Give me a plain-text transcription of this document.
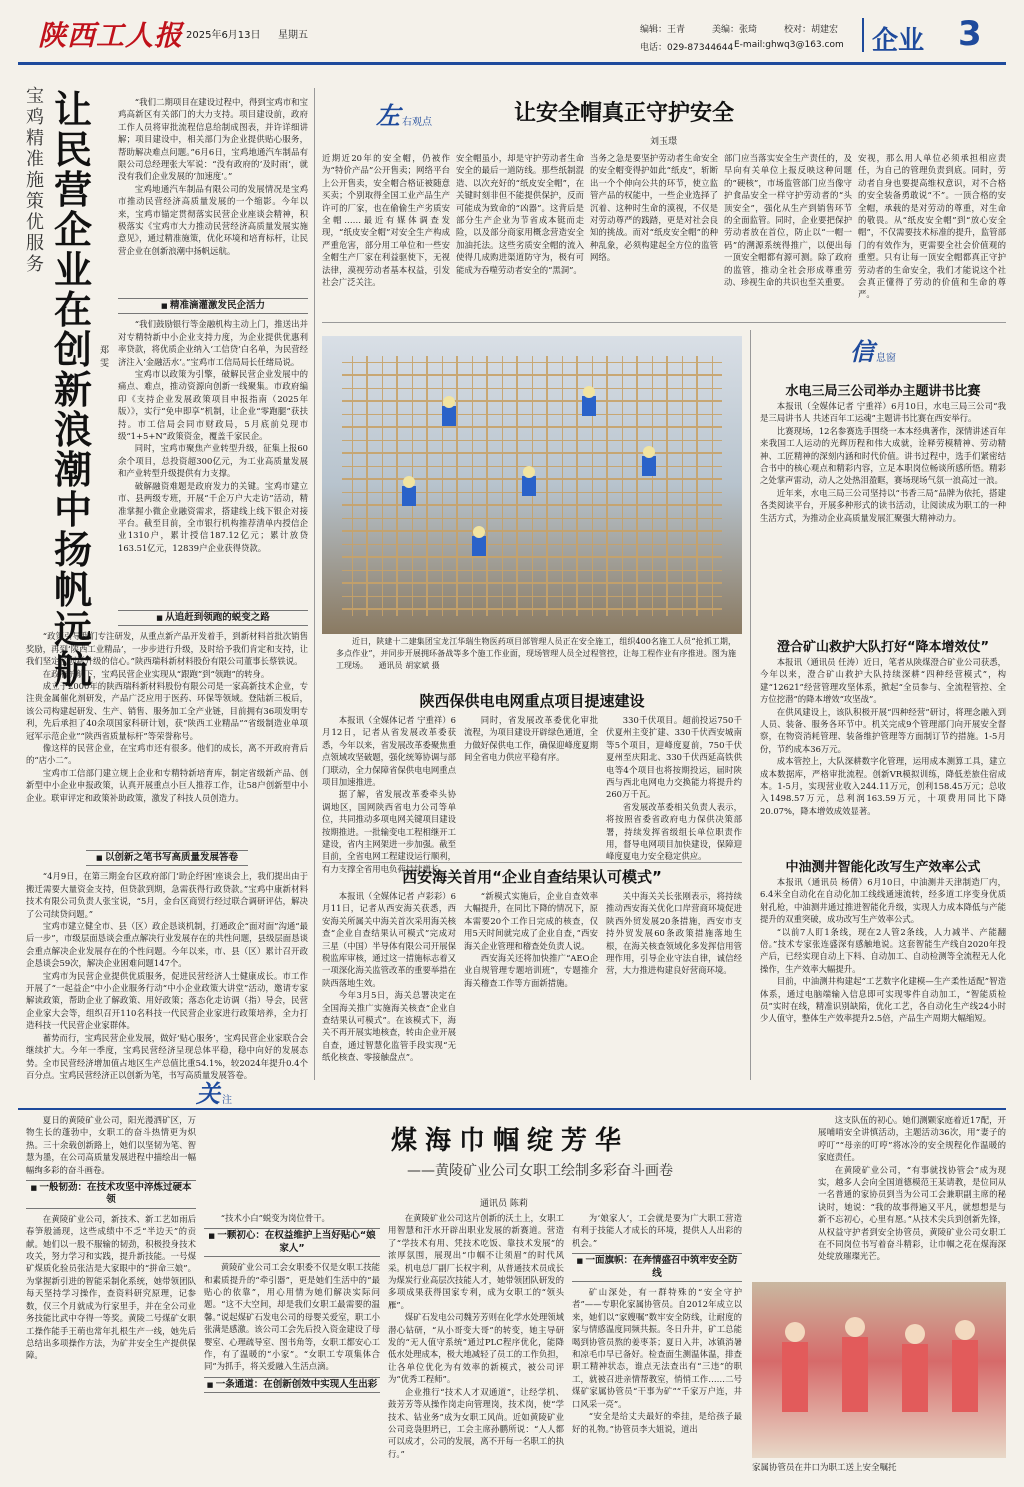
陕西工人报 2025年6月13日 星期五	编辑：王青	美编：张琦	校对：胡建宏
电话：029-87344644 E-mail:ghwq3@163.com 企业 3
宝鸡精准施策优服务
让民营企业在创新浪潮中扬帆远航
郑 雯

“我们二期项目在建设过程中，得到宝鸡市和宝鸡高新区有关部门的大力支持。项目建设前，政府工作人员将审批流程信息给制成图表，并许详细讲解；项目建设中，相关部门为企业提供贴心服务，帮助解决难点问题。”6月6日，宝鸡地通汽车制品有限公司总经理张大军说：“没有政府的‘及时雨’，就没有我们企业发展的‘加速度’。”

宝鸡地通汽车制品有限公司的发展情况是宝鸡市推动民营经济高质量发展的一个缩影。今年以来，宝鸡市锚定贯彻落实民营企业座谈会精神，积极落实《宝鸡市大力推动民营经济高质量发展实施意见》，通过精准施策，优化环境和培育标杆，让民营企业在创新浪潮中扬帆远航。

■ 精准滴灌激发民企活力

“我们鼓励银行等金融机构主动上门，推送出并对专精特新中小企业支持力度，为企业提供优惠利率贷款，将优质企业纳入‘工信贷’白名单，为民营经济注入‘金融活水’。”宝鸡市工信局局长任绪局说。

宝鸡市以政策为引擎，破解民营企业发展中的痛点、难点，推动资源向创新一线聚集。市政府编印《支持企业发展政策项目申报指南（2025年版）》，实行“免申即享”机制，让企业“零跑腿”获扶持。市工信局会同市财政局，5月底前兑现市级“1+5+N”政策资金，覆盖千家民企。

同时，宝鸡市聚焦产业转型升级，征集上报60余个项目，总投资超300亿元，为工业高质量发展和产业转型升级提供有力支撑。

破解融资难题是政府发力的关键。宝鸡市建立市、县两级专班，开展“千企万户大走访”活动，精准掌握小微企业融资需求，搭建线上线下银企对接平台。截至目前，全市银行机构推荐清单内授信企业1310户，累计授信187.12亿元；累计放贷163.51亿元，12839户企业获得贷款。

■ 从追赶到领跑的蜕变之路

“政策引导我们专注研发，从重点新产品开发着手，到新材料首批次销售奖励，再到‘陕西工业精品’，一步步进行升级，及时给予我们肯定和支持，让我们坚定了创新升级的信心。”陕西瑞科新材料股份有限公司董事长蔡铁说。

在政府护航下，宝鸡民营企业实现从“跟跑”到“领跑”的转身。

成立于2000年的陕西瑞科新材料股份有限公司是一家高新技术企业，专注贵金属催化剂研发，产品广泛应用于医药、环保等领域。登陆新三板后，该公司构建起研发、生产、销售、服务加工全产业链，目前拥有36项发明专利，先后承担了40余项国家科研计划，获“陕西工业精品”“省级制造业单项冠军示范企业”“陕西省质量标杆”等荣誉称号。

像这样的民营企业，在宝鸡市还有很多。他们的成长，离不开政府背后的“店小二”。

宝鸡市工信部门建立规上企业和专精特新培育库，制定省级新产品、创新型中小企业申报政策，认真开展重点小巨人推荐工作，让58户创新型中小企业。联审评定和政策补助政策，激发了科技人员创造力。

■ 以创新之笔书写高质量发展答卷

“4月9日，在第三期金台区政府部门‘助企纾困’座谈会上，我们提出由于搬迁需要大量资金支持，但贷款到期，急需获得行政贷款。”宝鸡中康新材料技术有限公司负责人张宝说，“5月，金台区商贸行经过联合调研评估，解决了公司续贷问题。”

宝鸡市建立健全市、县（区）政企恳谈机制，打通政企“面对面”沟通“最后一步”，市级层面恳谈会重点解决行业发展存在的共性问题，县级层面恳谈会重点解决企业发展存在的个性问题。今年以来，市、县（区）累计召开政企恳谈会59次，解决企业困难问题147个。

宝鸡市为民营企业提供优质服务，促进民营经济人士健康成长。市工作开展了“一起益企”中小企业服务行动“中小企业政策大讲堂”活动，邀请专家解读政策，帮助企业了解政策、用好政策；落态化走访调（指）导会，民营企业家大会等，组织召开110名科技一代民营企业家进行政策培养，全力打造科技一代民营企业家群体。

蓄势而行，宝鸡民营企业发展，做好‘贴心服务’，宝鸡民营企业家联合会继续扩大。今年一季度，宝鸡民营经济呈现总体平稳，稳中向好的发展态势。全市民营经济增加值占地区生产总值比重54.1%，较2024年提升0.4个百分点。宝鸡民营经济正以创新为笔，书写高质量发展答卷。

左 右观点	让安全帽真正守护安全
刘玉璟
近期近20年的安全帽，仍被作为“特价产品”公开售卖；网络平台上公开售卖，安全帽合格证被随意买卖；个别取得全国工业产品生产许可的厂家，也在偷偷生产劣质安全帽……最近有媒体调查发现，“纸皮安全帽”对安全生产构成严重危害，部分用工单位和一些安全帽生产厂家在利益驱使下，无视法律，漠视劳动者基本权益，引发社会广泛关注。
安全帽虽小，却是守护劳动者生命安全的最后一道防线。那些纸制混造、以次充好的“纸皮安全帽”，在关键时刻非但不能提供保护，反而可能成为致命的“凶器”。这背后是部分生产企业为节省成本铤而走险，以及部分商家用概念营造安全加油托法。这些劣质安全帽的流入使得几成购进渠道防守为，极有可能成为吞噬劳动者安全的“黑洞”。
当务之急是要坚护劳动者生命安全的安全帽变得护如此“纸皮”，斩断出一个个伸向公共的环节，使立监管产品的权能中，一些企业选择了沉着、这种时生命的漠视，不仅是对劳动尊严的践踏，更是对社会良知的挑战。而对“纸皮安全帽”的种种乱象，必须构建起全方位的监管网络。
部门应当落实安全生产责任的，及早向有关单位上报反映这种问题的“硬核”，市场监管部门应当像守护食品安全一样守护劳动者的“头顶安全”，强化从生产到销售环节的全面监管。同时，企业要把保护劳动者放在首位，防止以“一帽一码”的溯源系统得推广，以便出每一顶安全帽都有源可测。除了政府的监管，推动全社会形成尊重劳动、珍视生命的共识也至关重要。
安视，那么用人单位必须承担相应责任，为自己的管理负责到底。同时，劳动者自身也要提高维权意识，对不合格的安全装备勇敢说“不”。一顶合格的安全帽，承载的是对劳动的尊重，对生命的敬畏。从“纸皮安全帽”到“放心安全帽”，不仅需要技术标准的提升，监管部门的有效作为，更需要全社会价值观的重塑。只有让每一顶安全帽都真正守护劳动者的生命安全，我们才能说这个社会真正懂得了劳动的价值和生命的尊严。

近日，陕建十二建集团宝龙江华瑞生物医药项目部管理人员正在安全施工，组织400名施工人员“抢抓工期，多点作业”，并同步开展拥环备战等多个施工作业面，现场管理人员全过程管控，让每工程作业有序推进。图为施工现场。 通讯员 胡家斌 摄

陕西保供电电网重点项目提速建设

本报讯（全媒体记者 宁重祥）6月12日，记者从省发展改革委获悉，今年以来，省发展改革委聚焦重点领域攻坚破题，强化统筹协调与部门联动，全力保障省保供电电网重点项目加速推进。

据了解，省发展改革委牵头协调地区，国网陕西省电力公司等单位，共同推动多项电网关键项目建设按期推进。一批输变电工程相继开工建设，省内主网架进一步加强。截至目前，全省电网工程建设运行顺利，有力支撑全省用电负荷持续增长。

同时，省发展改革委优化审批流程，为项目建设开辟绿色通道，全力做好保供电工作，确保迎峰度夏期间全省电力供应平稳有序。

330千伏项目。超前投运750千伏夏州主变扩建、330千伏西安城南等5个项目，迎峰度夏前，750千伏夏州至庆阳北、330千伏西延高铁供电等4个项目也将按期投运，届时陕西与西北电网电力交换能力将提升约260万千瓦。

省发展改革委相关负责人表示，将按照省委省政府电力保供决策部署，持续发挥省级组长单位职责作用，督导电网项目加快建设，保障迎峰度夏电力安全稳定供应。

西安海关首用“企业自查结果认可模式”

本报讯（全媒体记者 卢彩彩）6月11日，记者从西安海关获悉，西安海关所属关中海关首次采用海关核查“企业自查结果认可模式”完成对三星（中国）半导体有限公司开展保税监库审核，通过这一措施标志着又一项深化海关监管改革的重要举措在陕西落地生效。

今年3月5日，海关总署决定在全国海关推广实施海关核查“企业自查结果认可模式”。在该模式下，海关不再开展实地核查，转由企业开展自查，通过智慧化监管手段实现“无纸化核查、零接触盘点”。

“新模式实施后，企业自查效率大幅提升，在同比下降的情况下，原本需要20个工作日完成的核查，仅用5天时间就完成了企业自查，”西安海关企业管理和稽查处负责人说。

西安海关还将加快推广“AEO企业自规管理专题培训班”，专题推介海关稽查工作等方面新措施。

关中海关关长张刚表示，将持续推动西安海关优化口岸营商环境促进陕西外贸发展20条措施，西安市支持外贸发展60条政策措施落地生根，在海关核查领域化多发挥信用管理作用，引导企业守法自律，诚信经营，大力推进构建良好营商环境。

信 息窗
水电三局三公司举办主题讲书比赛

本报讯（全媒体记者 宁重祥）6月10日，水电三局三公司“我是三局讲书人 共述百年工运魂”主题讲书比赛在西安举行。

比赛现场，12名参赛选手围绕一本本经典著作，深情讲述百年来我国工人运动的光辉历程和伟大成就，诠释劳模精神、劳动精神、工匠精神的深刻内涵和时代价值。讲书过程中，选手们紧密结合书中的核心观点和精彩内容，立足本职岗位畅谈所感所悟。精彩之处掌声雷动，动人之处热泪盈眶，赛场现场气氛一浪高过一浪。

近年来，水电三局三公司坚持以“书香三局”品牌为依托，搭建各类阅读平台，开展多种形式的读书活动，让阅读成为职工的一种生活方式，为推动企业高质量发展汇聚强大精神动力。

澄合矿山救护大队打好“降本增效仗”

本报讯（通讯员 任涛）近日，笔者从陕煤澄合矿业公司获悉，今年以来，澄合矿山救护大队持续深耕“四种经营模式”，构建“12621”经营管理攻坚体系，掀起“全员参与、全流程管控、全方位挖潜”的降本增效“攻坚战”。

在供风建设上，该队积极开展“四种经营”研讨，将理念融入到人员、装备、服务各环节中。机关完成9个管理部门向开展安全督察，在物资消耗管理、装备维护管理等方面制订节约措施。1-5月份，节约成本36万元。

成本管控上，大队深耕数字化管理，运用成本测算工具，建立成本数据库，严格审批流程。创新VR模拟训练，降低差旅住宿成本。1-5月，实现营业收入244.11万元，创利158.45万元；总收入1498.57万元，总利润163.59万元，十项费用同比下降20.07%，降本增效成效显著。

中油测井智能化改写生产效率公式

本报讯（通讯员 杨倩）6月10日，中油测井天津制造厂内，6.4米全自动化在自动化加工线线通速流转，经多道工序变身优质射孔枪，中油测井通过推进智能化升级，实现人力成本降低与产能提升的双重突破，成功改写生产效率公式。

“以前7人盯1条线，现在2人管2条线，人力减半、产能翻倍。”技术专家张连盛深有感触地说。这套智能生产线自2020年投产后，已经实现自动上下料、自动加工、自动检测等全流程无人化操作，生产效率大幅提升。

目前，中油测井构建起“工艺数字化建模—生产柔性适配”智造体系，通过电脑端输入信息即可实现零件自动加工，“智能质检员”实时在线，精准识别缺陷，优化工艺，各自动化生产线24小时少人值守，整体生产效率提升2.5倍，产品生产周期大幅缩短。

关 注
煤海巾帼绽芳华
——黄陵矿业公司女职工绘制多彩奋斗画卷
通讯员 陈莉

夏日的黄陵矿业公司，阳光漫洒矿区，万物生长的蓬勃中，女职工的奋斗热情更为炽热。三十余载创新路上，她们以坚韧为笔、智慧为墨，在公司高质量发展进程中描绘出一幅幅绚多彩的奋斗画卷。

■ 一般韧劲：在技术攻坚中淬炼过硬本领

在黄陵矿业公司，新技术、新工艺如雨后春笋般涌现，这些成绩中不乏“半边天”的贡献。她们以一股不服输的韧劲，积极投身技术攻关，努力学习和实践，提升新技能。一号煤矿煤质化验员张洁是大家眼中的“拼命三娘”。为掌握新引进的智能采制化系统，她带领团队每天坚持学习操作，查资料研究原理，记参数，仅三个月就成为行家里手，并在全公司业务技能比武中夺得一等奖。黄陵二号煤矿女职工操作能手王萌也常年扎根生产一线，她先后总结出多项操作方法，为矿井安全生产提供保障。

“技术小白”蜕变为岗位骨干。

■ 一颗初心：在权益维护上当好贴心“娘家人”

黄陵矿业公司工会女职委不仅是女职工技能和素质提升的“牵引器”，更是她们生活中的“最贴心的依靠”，用心用情为她们解决实际问题。“这不大空间，却是我们女职工最需要的温馨。”说起煤矿石发电公司的母婴关爱室，职工小张满是感激。该公司工会先后投入资金建设了母婴室、心理疏导室、图书角等，女职工都安心工作，有了温暖的“小家”。“女职工专项集体合同”为抓手，将关爱融入生活点滴。

■ 一条通道：在创新创效中实现人生出彩

在黄陵矿业公司这片创新的沃土上，女职工用智慧和汗水开辟出职业发展的新赛道。营造了“学技术有用、凭技术吃饭、靠技术发展”的浓厚氛围，展现出“巾帼不让须眉”的时代风采。机电总厂副厂长权宇利，从普通技术员成长为煤炭行业高层次技能人才，她带领团队研发的多项成果获得国家专利，成为女职工的“领头雁”。

煤矿石发电公司魏芳芳则在化学水处理领域潜心钻研，“从小哥变大哥”的转变，她主导研发的“无人值守系统”通过PLC程序优化，能降低水处理成本，极大地减轻了员工的工作负担，让各单位优化为有效率的新模式，被公司评为“优秀工程师”。

企业推行“技术人才双通道”，让经学机、鼓芳芳等从操作岗走向管理岗，技术岗，使“学技术、钻业务”成为女职工风尚。近如黄陵矿业公司竞袅胆坍已，工会主席孙鹏所说：“人人都可以成才，公司的发展，离不开每一名职工的执行。”

为‘娘家人’，工会就是要为广大职工营造有利于技能人才成长的环境，提供人人出彩的机会。”

■ 一面旗帜：在奔情盛召中筑牢安全防线

矿山深处，有一群特殊的“安全守护者”——专职化家属协管员。自2012年成立以来，她们以“家嫂嘱”数牢安全防线，让耐度的家与情感温度同频共振。冬日升井，矿工总能喝到协管员熬的姜枣茶；夏日入井，冰镇消暑和凉毛巾早已备好。检查面生测温体温，排查职工精神状态，谁点无法查出有“三违”的职工，就被召进亲情帮教室，悄悄工作……二号煤矿家属协管员“干事为矿”“千家万户连，井口风采一亮”。

“安全是给丈夫最好的牵挂，是给孩子最好的礼物。”协管员李大姐说，道出

这支队伍的初心。她们测颗家庭着近17配，开展哺哨安全讲慎活动，主题活动36次，用“妻子的哼叮”“母亲的叮哼”将冰冷的安全规程化作温暖的家庭责任。

在黄陵矿业公司，“有事就找协管会”成为现实，越多人会向全国道德模范王某请教，是位同从一名普通的家协员到当为公司工会兼职副主席的秘诀时，她说：“我的故事得遍又平凡，就想想是与新不忘初心，心里有愿。”从技术尖兵到创新先锋，从权益守护者到安全协管员，黄陵矿业公司女职工在不同岗位书写着奋斗精彩，让巾帼之花在煤海深处绽放璀璨光芒。

家属协管员在井口为职工送上安全嘱托
